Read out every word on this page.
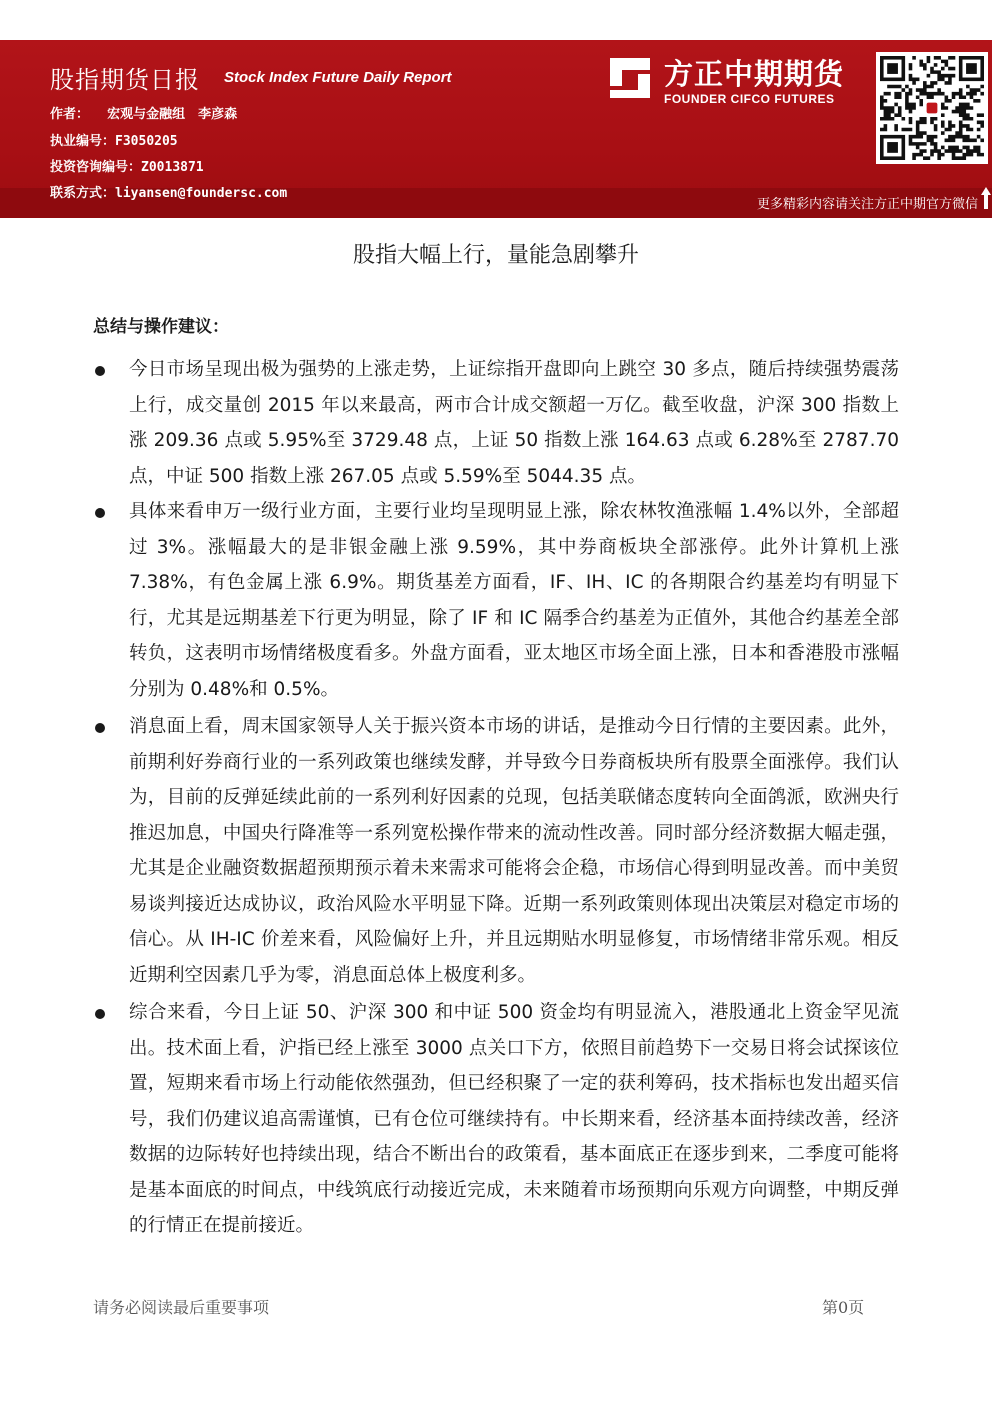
股指期货日报 Stock Index Future Daily Report
作者： 宏观与金融组　李彦森
执业编号：F3050205
投资咨询编号：Z0013871
联系方式：liyansen@foundersc.com
方正中期期货
FOUNDER CIFCO FUTURES
更多精彩内容请关注方正中期官方微信
股指大幅上行，量能急剧攀升
总结与操作建议：
今日市场呈现出极为强势的上涨走势，上证综指开盘即向上跳空 30 多点，随后持续强势震荡上行，成交量创 2015 年以来最高，两市合计成交额超一万亿。截至收盘，沪深 300 指数上涨 209.36 点或 5.95%至 3729.48 点，上证 50 指数上涨 164.63 点或 6.28%至 2787.70 点，中证 500 指数上涨 267.05 点或 5.59%至 5044.35 点。
具体来看申万一级行业方面，主要行业均呈现明显上涨，除农林牧渔涨幅 1.4%以外，全部超过 3%。涨幅最大的是非银金融上涨 9.59%，其中券商板块全部涨停。此外计算机上涨 7.38%，有色金属上涨 6.9%。期货基差方面看，IF、IH、IC 的各期限合约基差均有明显下行，尤其是远期基差下行更为明显，除了 IF 和 IC 隔季合约基差为正值外，其他合约基差全部转负，这表明市场情绪极度看多。外盘方面看，亚太地区市场全面上涨，日本和香港股市涨幅分别为 0.48%和 0.5%。
消息面上看，周末国家领导人关于振兴资本市场的讲话，是推动今日行情的主要因素。此外，前期利好券商行业的一系列政策也继续发酵，并导致今日券商板块所有股票全面涨停。我们认为，目前的反弹延续此前的一系列利好因素的兑现，包括美联储态度转向全面鸽派，欧洲央行推迟加息，中国央行降准等一系列宽松操作带来的流动性改善。同时部分经济数据大幅走强，尤其是企业融资数据超预期预示着未来需求可能将会企稳，市场信心得到明显改善。而中美贸易谈判接近达成协议，政治风险水平明显下降。近期一系列政策则体现出决策层对稳定市场的信心。从 IH-IC 价差来看，风险偏好上升，并且远期贴水明显修复，市场情绪非常乐观。相反近期利空因素几乎为零，消息面总体上极度利多。
综合来看，今日上证 50、沪深 300 和中证 500 资金均有明显流入，港股通北上资金罕见流出。技术面上看，沪指已经上涨至 3000 点关口下方，依照目前趋势下一交易日将会试探该位置，短期来看市场上行动能依然强劲，但已经积聚了一定的获利筹码，技术指标也发出超买信号，我们仍建议追高需谨慎，已有仓位可继续持有。中长期来看，经济基本面持续改善，经济数据的边际转好也持续出现，结合不断出台的政策看，基本面底正在逐步到来，二季度可能将是基本面底的时间点，中线筑底行动接近完成，未来随着市场预期向乐观方向调整，中期反弹的行情正在提前接近。
请务必阅读最后重要事项	第0页
